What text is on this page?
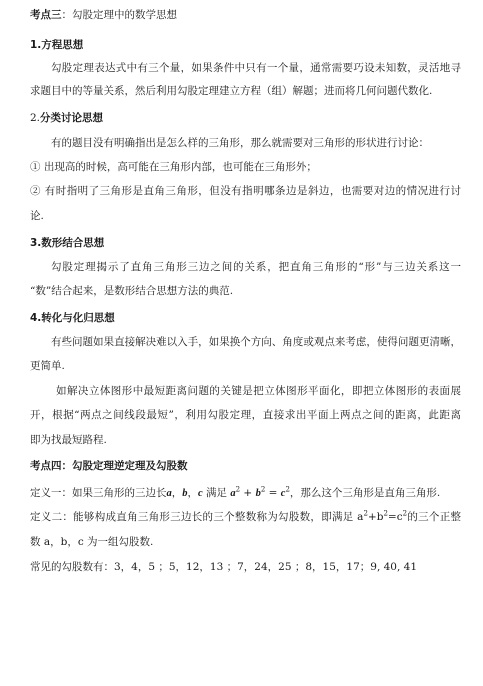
考点三：勾股定理中的数学思想
1.方程思想
勾股定理表达式中有三个量，如果条件中只有一个量，通常需要巧设未知数，灵活地寻
求题目中的等量关系，然后利用勾股定理建立方程（组）解题；进而将几何问题代数化.
2.分类讨论思想
有的题目没有明确指出是怎么样的三角形，那么就需要对三角形的形状进行讨论：
① 出现高的时候，高可能在三角形内部，也可能在三角形外；
② 有时指明了三角形是直角三角形，但没有指明哪条边是斜边，也需要对边的情况进行讨
论.
3.数形结合思想
勾股定理揭示了直角三角形三边之间的关系，把直角三角形的“形”与三边关系这一
“数”结合起来，是数形结合思想方法的典范.
4.转化与化归思想
有些问题如果直接解决难以入手，如果换个方向、角度或观点来考虑，使得问题更清晰，
更简单.
如解决立体图形中最短距离问题的关键是把立体图形平面化，即把立体图形的表面展
开，根据“两点之间线段最短”，利用勾股定理，直接求出平面上两点之间的距离，此距离
即为找最短路程.
考点四：勾股定理逆定理及勾股数
定义一：如果三角形的三边长a，b，c 满足 $a^2 + b^2 = c^2$，那么这个三角形是直角三角形.
定义二：能够构成直角三角形三边长的三个整数称为勾股数，即满足 $a^2+b^2=c^2$的三个正整
数 a，b，c 为一组勾股数.
常见的勾股数有：3，4，5 ；5，12，13 ；7，24，25 ；8，15，17；9, 40, 41
